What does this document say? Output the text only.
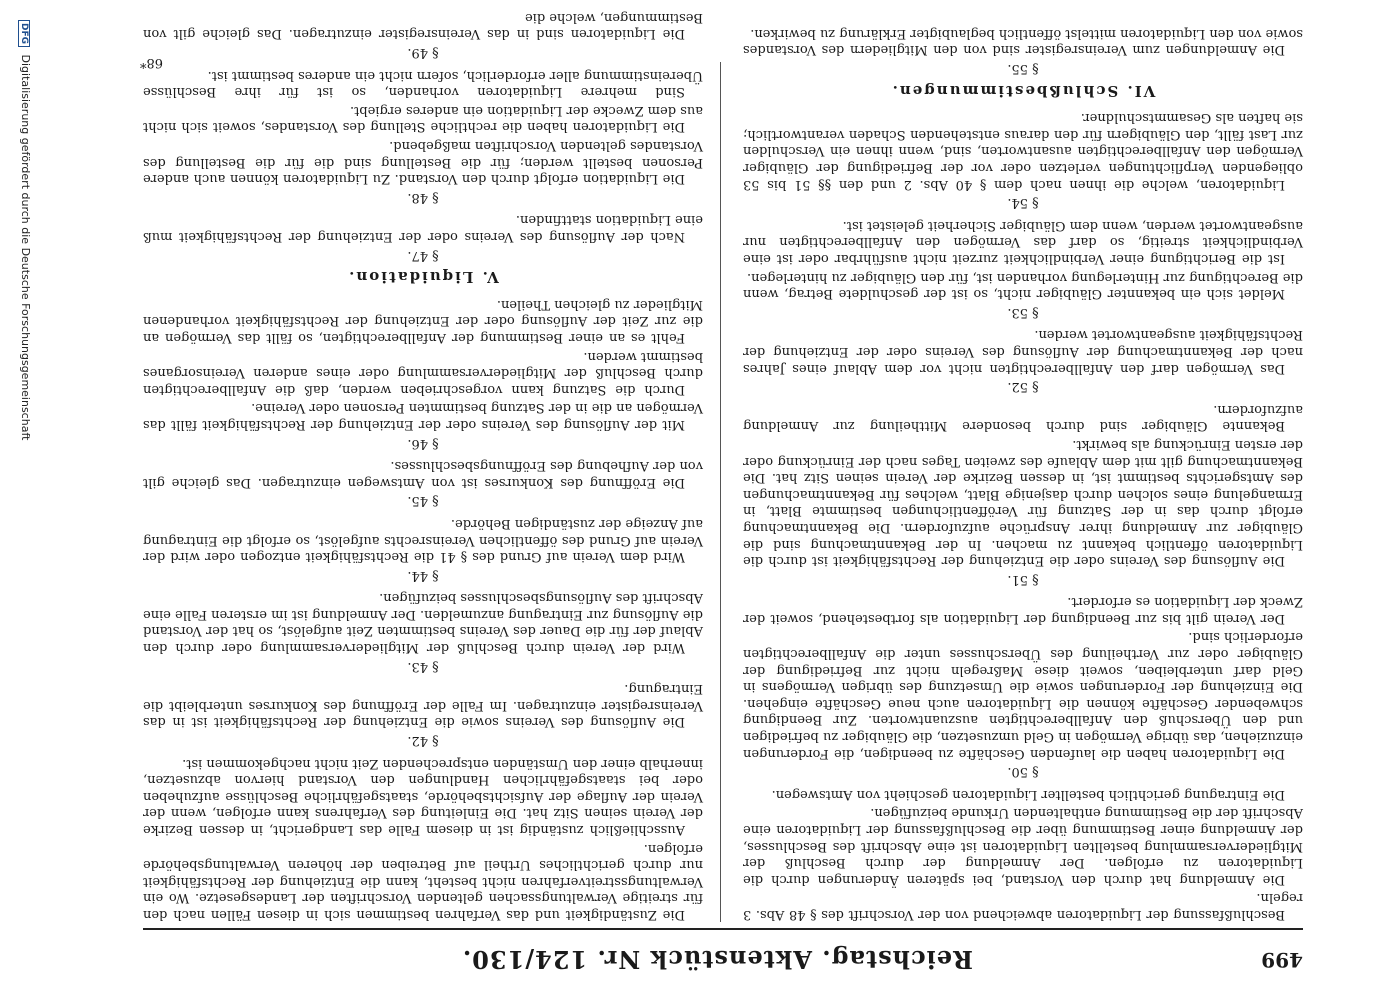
499
Reichstag. Aktenstück Nr. 124/130.

Beschlußfassung der Liquidatoren abweichend von der Vorschrift des § 48 Abs. 3 regeln.

Die Anmeldung hat durch den Vorstand, bei späteren Änderungen durch die Liquidatoren zu erfolgen. Der Anmeldung der durch Beschluß der Mitgliederversammlung bestellten Liquidatoren ist eine Abschrift des Beschlusses, der Anmeldung einer Bestimmung über die Beschlußfassung der Liquidatoren eine Abschrift der die Bestimmung enthaltenden Urkunde beizufügen.

Die Eintragung gerichtlich bestellter Liquidatoren geschieht von Amtswegen.

§ 50.

Die Liquidatoren haben die laufenden Geschäfte zu beendigen, die Forderungen einzuziehen, das übrige Vermögen in Geld umzusetzen, die Gläubiger zu befriedigen und den Überschuß den Anfallberechtigten auszuantworten. Zur Beendigung schwebender Geschäfte können die Liquidatoren auch neue Geschäfte eingehen. Die Einziehung der Forderungen sowie die Umsetzung des übrigen Vermögens in Geld darf unterbleiben, soweit diese Maßregeln nicht zur Befriedigung der Gläubiger oder zur Vertheilung des Überschusses unter die Anfallberechtigten erforderlich sind.

Der Verein gilt bis zur Beendigung der Liquidation als fortbestehend, soweit der Zweck der Liquidation es erfordert.

§ 51.

Die Auflösung des Vereins oder die Entziehung der Rechtsfähigkeit ist durch die Liquidatoren öffentlich bekannt zu machen. In der Bekanntmachung sind die Gläubiger zur Anmeldung ihrer Ansprüche aufzufordern. Die Bekanntmachung erfolgt durch das in der Satzung für Veröffentlichungen bestimmte Blatt, in Ermangelung eines solchen durch dasjenige Blatt, welches für Bekanntmachungen des Amtsgerichts bestimmt ist, in dessen Bezirke der Verein seinen Sitz hat. Die Bekanntmachung gilt mit dem Ablaufe des zweiten Tages nach der Einrückung oder der ersten Einrückung als bewirkt.

Bekannte Gläubiger sind durch besondere Mittheilung zur Anmeldung aufzufordern.

§ 52.

Das Vermögen darf den Anfallberechtigten nicht vor dem Ablauf eines Jahres nach der Bekanntmachung der Auflösung des Vereins oder der Entziehung der Rechtsfähigkeit ausgeantwortet werden.

§ 53.

Meldet sich ein bekannter Gläubiger nicht, so ist der geschuldete Betrag, wenn die Berechtigung zur Hinterlegung vorhanden ist, für den Gläubiger zu hinterlegen.

Ist die Berichtigung einer Verbindlichkeit zurzeit nicht ausführbar oder ist eine Verbindlichkeit streitig, so darf das Vermögen den Anfallberechtigten nur ausgeantwortet werden, wenn dem Gläubiger Sicherheit geleistet ist.

§ 54.

Liquidatoren, welche die ihnen nach dem § 40 Abs. 2 und den §§ 51 bis 53 obliegenden Verpflichtungen verletzen oder vor der Befriedigung der Gläubiger Vermögen den Anfallberechtigten ausantworten, sind, wenn ihnen ein Verschulden zur Last fällt, den Gläubigern für den daraus entstehenden Schaden verantwortlich; sie haften als Gesammtschuldner.

VI. Schlußbestimmungen.
§ 55.

Die Anmeldungen zum Vereinsregister sind von den Mitgliedern des Vorstandes sowie von den Liquidatoren mittelst öffentlich beglaubigter Erklärung zu bewirken.

Die Zuständigkeit und das Verfahren bestimmen sich in diesen Fällen nach den für streitige Verwaltungssachen geltenden Vorschriften der Landesgesetze. Wo ein Verwaltungsstreitverfahren nicht besteht, kann die Entziehung der Rechtsfähigkeit nur durch gerichtliches Urtheil auf Betreiben der höheren Verwaltungsbehörde erfolgen.

Ausschließlich zuständig ist in diesem Falle das Landgericht, in dessen Bezirke der Verein seinen Sitz hat. Die Einleitung des Verfahrens kann erfolgen, wenn der Verein der Auflage der Aufsichtsbehörde, staatsgefährliche Beschlüsse aufzuheben oder bei staatsgefährlichen Handlungen den Vorstand hiervon abzusetzen, innerhalb einer den Umständen entsprechenden Zeit nicht nachgekommen ist.

§ 42.

Die Auflösung des Vereins sowie die Entziehung der Rechtsfähigkeit ist in das Vereinsregister einzutragen. Im Falle der Eröffnung des Konkurses unterbleibt die Eintragung.

§ 43.

Wird der Verein durch Beschluß der Mitgliederversammlung oder durch den Ablauf der für die Dauer des Vereins bestimmten Zeit aufgelöst, so hat der Vorstand die Auflösung zur Eintragung anzumelden. Der Anmeldung ist im ersteren Falle eine Abschrift des Auflösungsbeschlusses beizufügen.

§ 44.

Wird dem Verein auf Grund des § 41 die Rechtsfähigkeit entzogen oder wird der Verein auf Grund des öffentlichen Vereinsrechts aufgelöst, so erfolgt die Eintragung auf Anzeige der zuständigen Behörde.

§ 45.

Die Eröffnung des Konkurses ist von Amtswegen einzutragen. Das gleiche gilt von der Aufhebung des Eröffnungsbeschlusses.

§ 46.

Mit der Auflösung des Vereins oder der Entziehung der Rechtsfähigkeit fällt das Vermögen an die in der Satzung bestimmten Personen oder Vereine.

Durch die Satzung kann vorgeschrieben werden, daß die Anfallberechtigten durch Beschluß der Mitgliederversammlung oder eines anderen Vereinsorganes bestimmt werden.

Fehlt es an einer Bestimmung der Anfallberechtigten, so fällt das Vermögen an die zur Zeit der Auflösung oder der Entziehung der Rechtsfähigkeit vorhandenen Mitglieder zu gleichen Theilen.

V. Liquidation.
§ 47.

Nach der Auflösung des Vereins oder der Entziehung der Rechtsfähigkeit muß eine Liquidation stattfinden.

§ 48.

Die Liquidation erfolgt durch den Vorstand. Zu Liquidatoren können auch andere Personen bestellt werden; für die Bestellung sind die für die Bestellung des Vorstandes geltenden Vorschriften maßgebend.

Die Liquidatoren haben die rechtliche Stellung des Vorstandes, soweit sich nicht aus dem Zwecke der Liquidation ein anderes ergiebt.

Sind mehrere Liquidatoren vorhanden, so ist für ihre Beschlüsse Übereinstimmung aller erforderlich, sofern nicht ein anderes bestimmt ist.

§ 49.

Die Liquidatoren sind in das Vereinsregister einzutragen. Das gleiche gilt von Bestimmungen, welche die

68*
DFG Digitalisierung gefördert durch die Deutsche Forschungsgemeinschaft
